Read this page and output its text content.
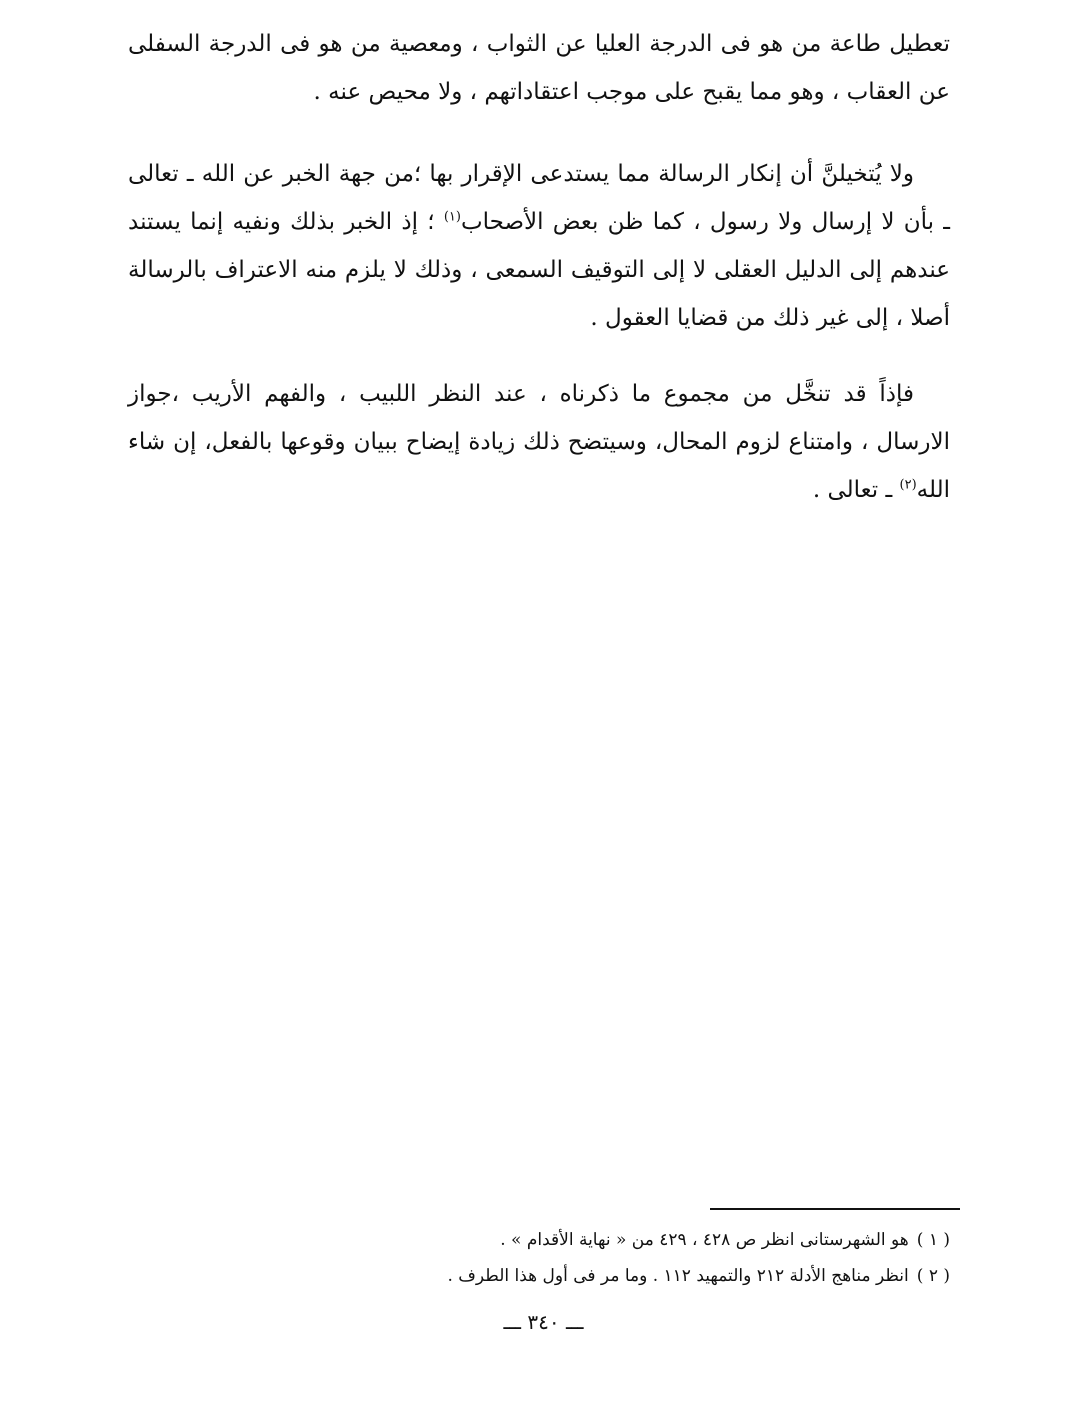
تعطيل طاعة من هو فى الدرجة العليا عن الثواب ، ومعصية من هو فى الدرجة السفلى عن العقاب ، وهو مما يقبح على موجب اعتقاداتهم ، ولا محيص عنه .

ولا يُتخيلنَّ أن إنكار الرسالة مما يستدعى الإقرار بها ؛من جهة الخبر عن الله ـ تعالى ـ بأن لا إرسال ولا رسول ، كما ظن بعض الأصحاب$^{(١)}$ ؛ إذ الخبر بذلك ونفيه إنما يستند عندهم إلى الدليل العقلى لا إلى التوقيف السمعى ، وذلك لا يلزم منه الاعتراف بالرسالة أصلا ، إلى غير ذلك من قضايا العقول .

فإذاً قد تنخَّل من مجموع ما ذكرناه ، عند النظر اللبيب ، والفهم الأريب ،جواز الارسال ، وامتناع لزوم المحال، وسيتضح ذلك زيادة إيضاح ببيان وقوعها بالفعل، إن شاء الله$^{(٢)}$ ـ تعالى .

( ١ )هو الشهرستانى انظر ص ٤٢٨ ، ٤٢٩ من « نهاية الأقدام » .

( ٢ )انظر مناهج الأدلة ٢١٢ والتمهيد ١١٢ . وما مر فى أول هذا الطرف .

ـــ ٣٤٠ ـــ
